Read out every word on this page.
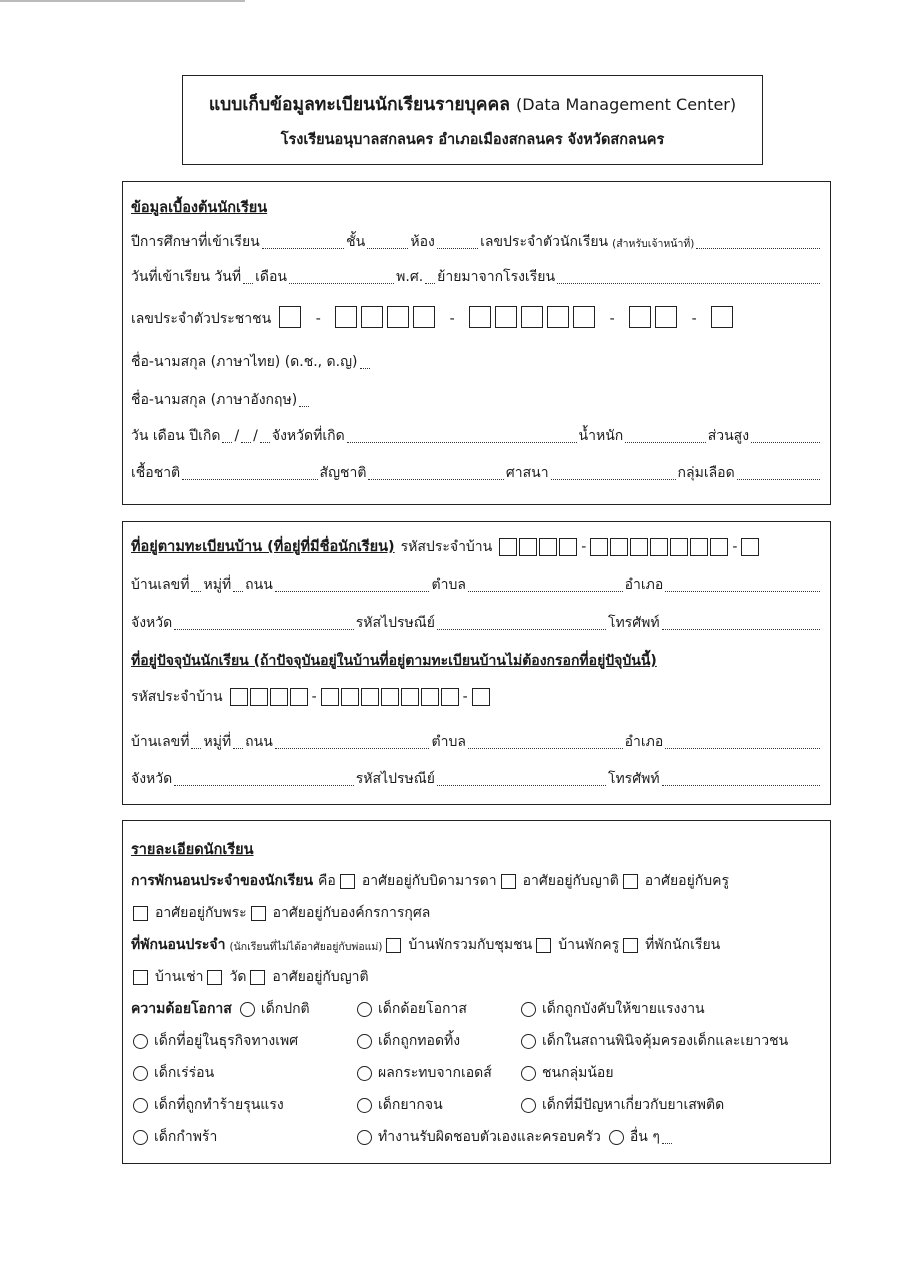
แบบเก็บข้อมูลทะเบียนนักเรียนรายบุคคล (Data Management Center)
โรงเรียนอนุบาลสกลนคร อำเภอเมืองสกลนคร จังหวัดสกลนคร
ข้อมูลเบื้องต้นนักเรียน
ปีการศึกษาที่เข้าเรียน	ชั้น	ห้อง	เลขประจำตัวนักเรียน (สำหรับเจ้าหน้าที่)
วันที่เข้าเรียน วันที่ เดือน	พ.ศ. ย้ายมาจากโรงเรียน
เลขประจำตัวประชาชน	-	-	-	-
ชื่อ-นามสกุล (ภาษาไทย) (ด.ช., ด.ญ)
ชื่อ-นามสกุล (ภาษาอังกฤษ)
วัน เดือน ปีเกิด / / จังหวัดที่เกิด	น้ำหนัก	ส่วนสูง
เชื้อชาติ	สัญชาติ	ศาสนา	กลุ่มเลือด
ที่อยู่ตามทะเบียนบ้าน (ที่อยู่ที่มีชื่อนักเรียน) รหัสประจำบ้าน	-	-
บ้านเลขที่ หมู่ที่ ถนน	ตำบล	อำเภอ
จังหวัด	รหัสไปรษณีย์	โทรศัพท์
ที่อยู่ปัจจุบันนักเรียน (ถ้าปัจจุบันอยู่ในบ้านที่อยู่ตามทะเบียนบ้านไม่ต้องกรอกที่อยู่ปัจุบันนี้)
รหัสประจำบ้าน	-	-
บ้านเลขที่ หมู่ที่ ถนน	ตำบล	อำเภอ
จังหวัด	รหัสไปรษณีย์	โทรศัพท์
รายละเอียดนักเรียน
การพักนอนประจำของนักเรียน คือ อาศัยอยู่กับบิดามารดา อาศัยอยู่กับญาติ อาศัยอยู่กับครู
อาศัยอยู่กับพระ อาศัยอยู่กับองค์กรการกุศล
ที่พักนอนประจำ (นักเรียนที่ไม่ได้อาศัยอยู่กับพ่อแม่) บ้านพักรวมกับชุมชน บ้านพักครู ที่พักนักเรียน
บ้านเช่า วัด อาศัยอยู่กับญาติ
ความด้อยโอกาส เด็กปกติ	เด็กด้อยโอกาส	เด็กถูกบังคับให้ขายแรงงาน
เด็กที่อยู่ในธุรกิจทางเพศ	เด็กถูกทอดทิ้ง	เด็กในสถานพินิจคุ้มครองเด็กและเยาวชน
เด็กเร่ร่อน	ผลกระทบจากเอดส์	ชนกลุ่มน้อย
เด็กที่ถูกทำร้ายรุนแรง	เด็กยากจน	เด็กที่มีปัญหาเกี่ยวกับยาเสพติด
เด็กกำพร้า	ทำงานรับผิดชอบตัวเองและครอบครัว อื่น ๆ
